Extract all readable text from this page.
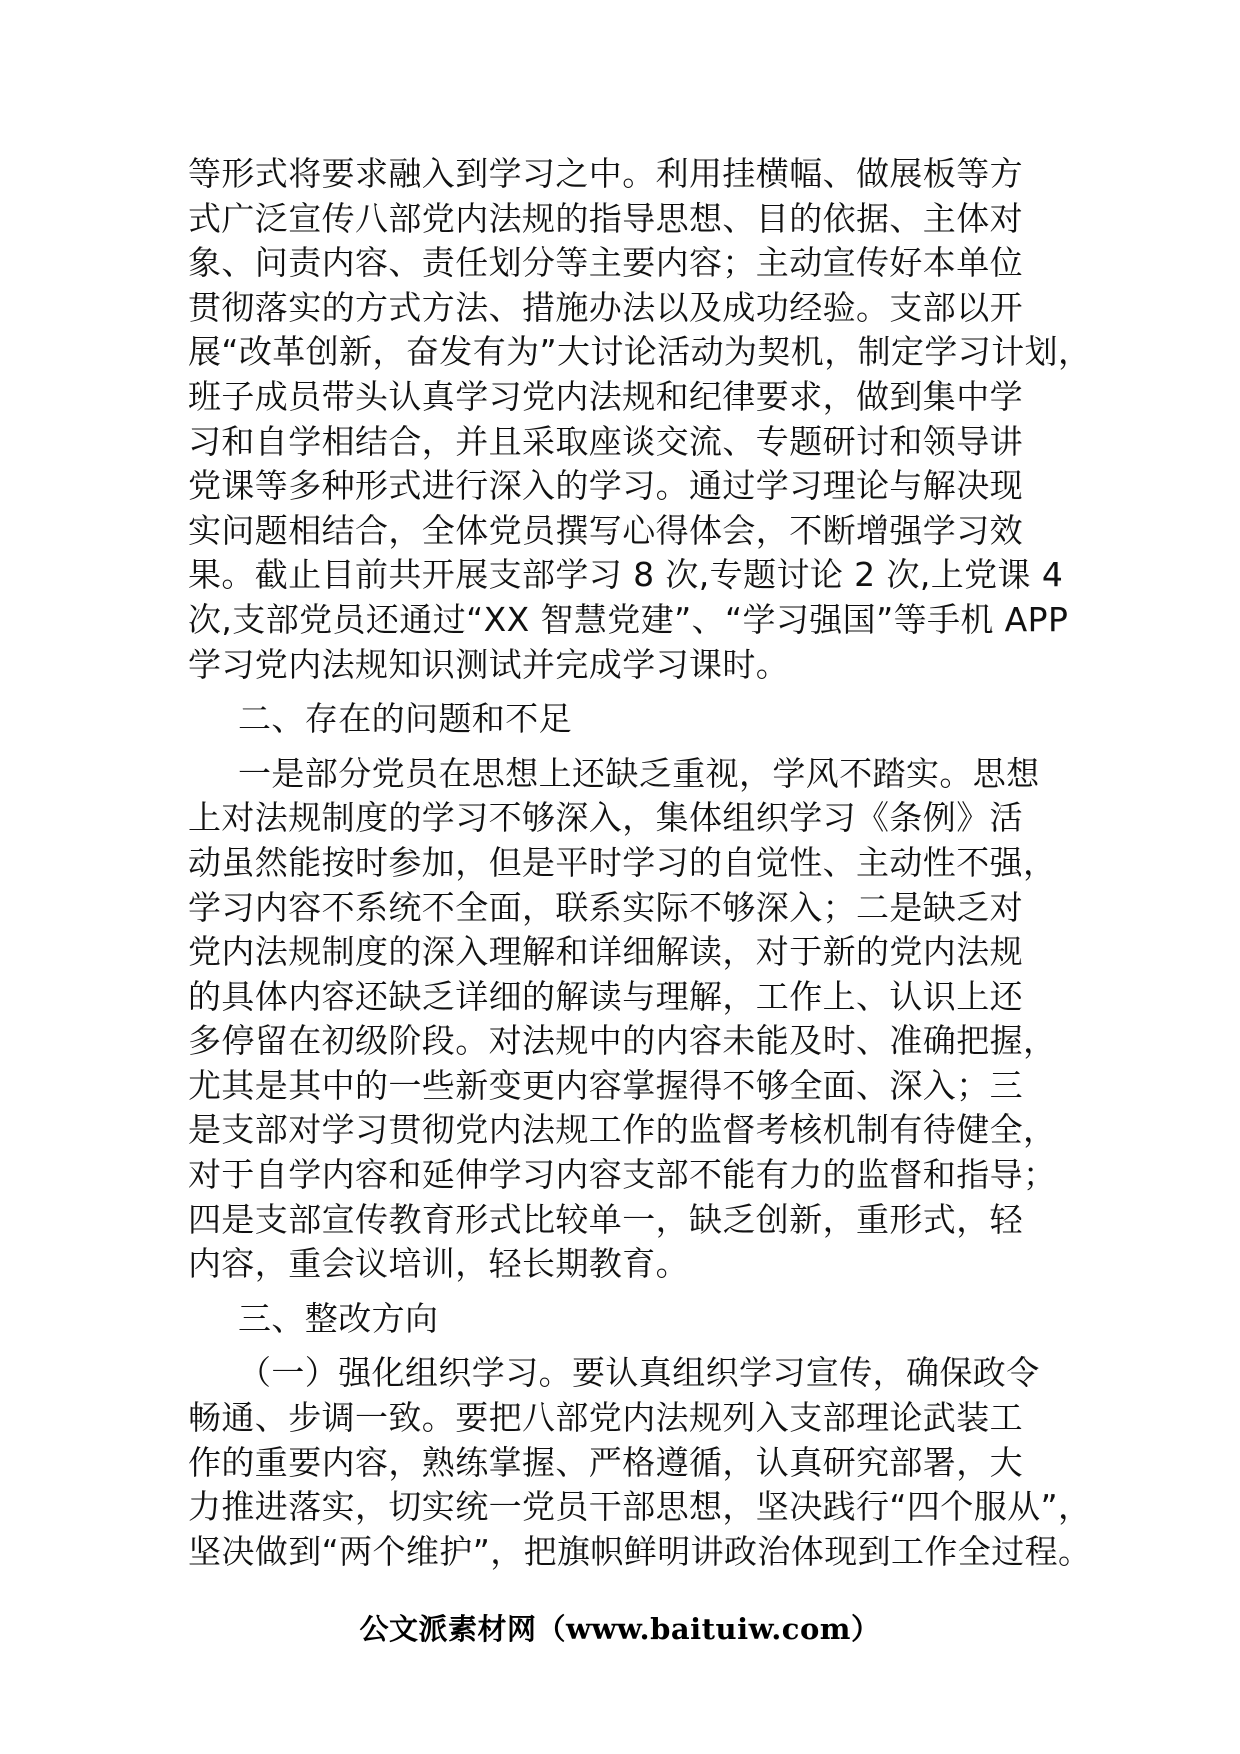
等形式将要求融入到学习之中。利用挂横幅、做展板等方
式广泛宣传八部党内法规的指导思想、目的依据、主体对
象、问责内容、责任划分等主要内容；主动宣传好本单位
贯彻落实的方式方法、措施办法以及成功经验。支部以开
展“改革创新，奋发有为”大讨论活动为契机，制定学习计划，
班子成员带头认真学习党内法规和纪律要求，做到集中学
习和自学相结合，并且采取座谈交流、专题研讨和领导讲
党课等多种形式进行深入的学习。通过学习理论与解决现
实问题相结合，全体党员撰写心得体会，不断增强学习效
果。截止目前共开展支部学习 8 次,专题讨论 2 次,上党课 4
次,支部党员还通过“XX 智慧党建”、“学习强国”等手机 APP
学习党内法规知识测试并完成学习课时。
二、存在的问题和不足
一是部分党员在思想上还缺乏重视，学风不踏实。思想
上对法规制度的学习不够深入，集体组织学习《条例》活
动虽然能按时参加，但是平时学习的自觉性、主动性不强，
学习内容不系统不全面，联系实际不够深入；二是缺乏对
党内法规制度的深入理解和详细解读，对于新的党内法规
的具体内容还缺乏详细的解读与理解，工作上、认识上还
多停留在初级阶段。对法规中的内容未能及时、准确把握，
尤其是其中的一些新变更内容掌握得不够全面、深入；三
是支部对学习贯彻党内法规工作的监督考核机制有待健全，
对于自学内容和延伸学习内容支部不能有力的监督和指导；
四是支部宣传教育形式比较单一，缺乏创新，重形式，轻
内容，重会议培训，轻长期教育。
三、整改方向
（一）强化组织学习。要认真组织学习宣传，确保政令
畅通、步调一致。要把八部党内法规列入支部理论武装工
作的重要内容，熟练掌握、严格遵循，认真研究部署，大
力推进落实，切实统一党员干部思想，坚决践行“四个服从”，
坚决做到“两个维护”，把旗帜鲜明讲政治体现到工作全过程。
公文派素材网（www.baituiw.com）
